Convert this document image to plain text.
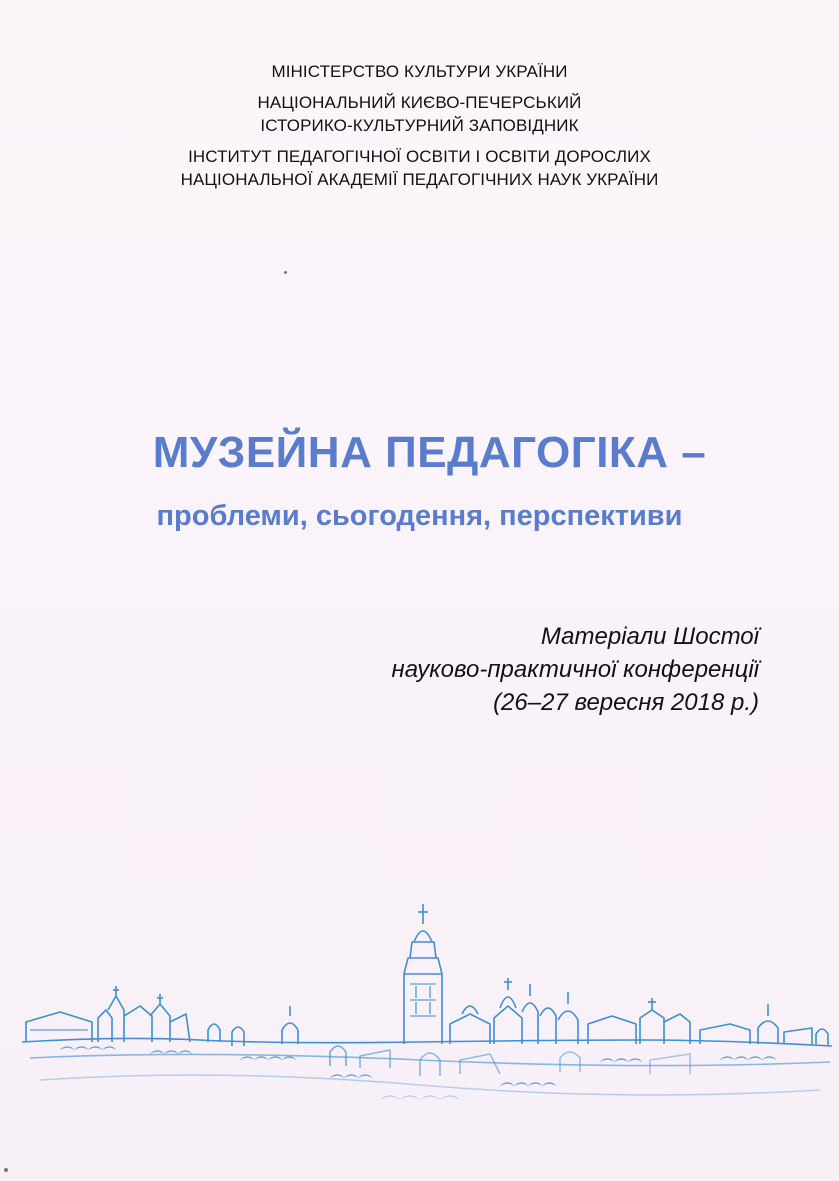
МІНІСТЕРСТВО КУЛЬТУРИ УКРАЇНИ
НАЦІОНАЛЬНИЙ КИЄВО-ПЕЧЕРСЬКИЙ
ІСТОРИКО-КУЛЬТУРНИЙ ЗАПОВІДНИК
ІНСТИТУТ ПЕДАГОГІЧНОЇ ОСВІТИ І ОСВІТИ ДОРОСЛИХ
НАЦІОНАЛЬНОЇ АКАДЕМІЇ ПЕДАГОГІЧНИХ НАУК УКРАЇНИ
МУЗЕЙНА ПЕДАГОГІКА –
проблеми, сьогодення, перспективи
Матеріали Шостої
науково-практичної конференції
(26–27 вересня 2018 р.)
